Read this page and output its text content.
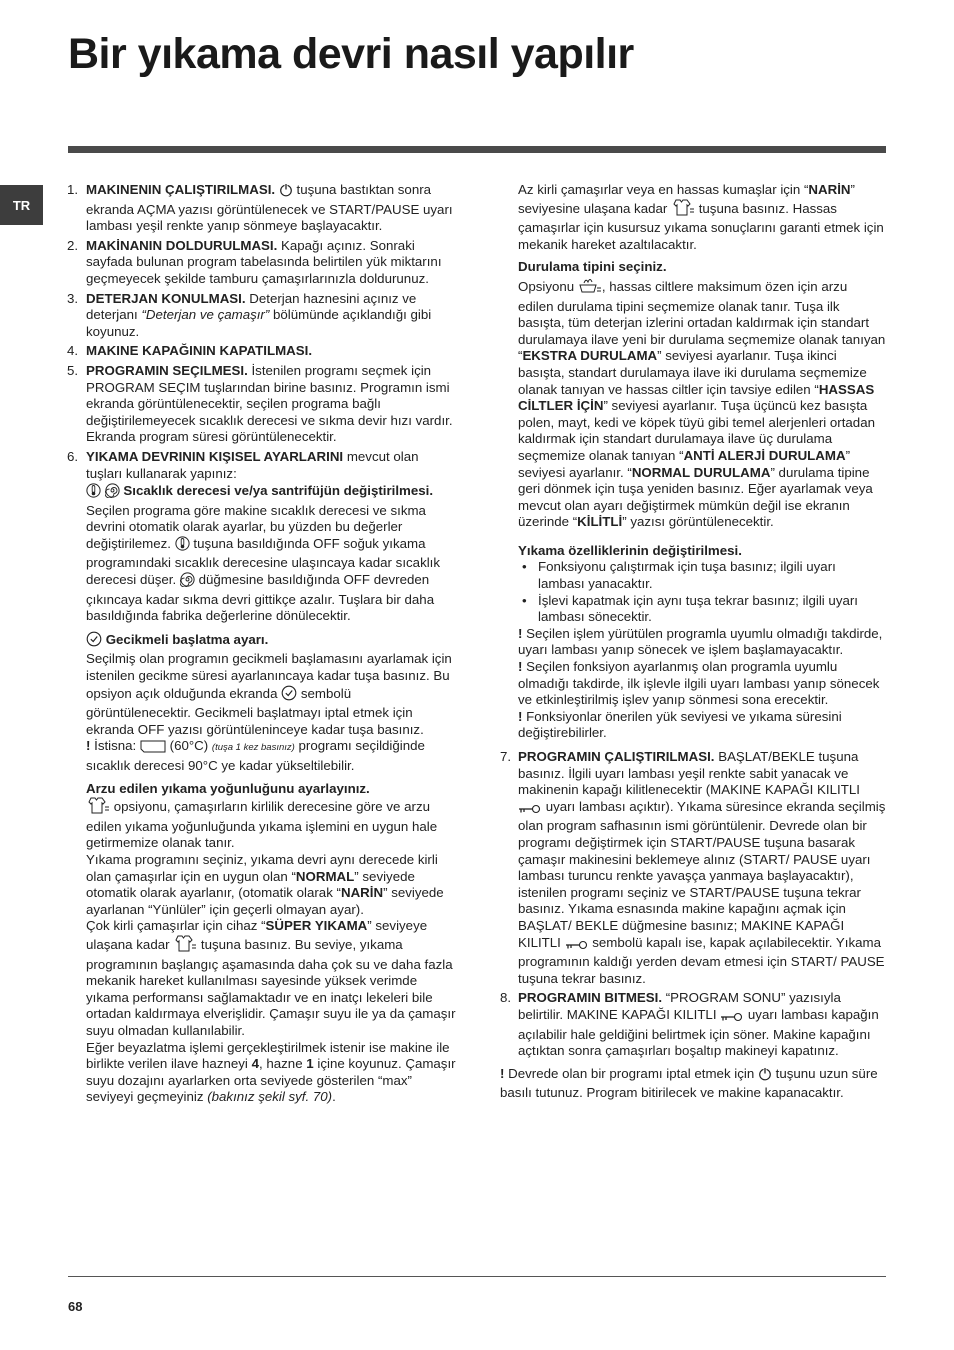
Bir yıkama devri nasıl yapılır
TR
1. MAKINENIN ÇALIŞTIRILMASI.  tuşuna bastıktan sonra ekranda AÇMA yazısı görüntülenecek ve START/PAUSE uyarı lambası yeşil renkte yanıp sönmeye başlayacaktır.
2. MAKİNANIN DOLDURULMASI. Kapağı açınız. Sonraki sayfada bulunan program tabelasında belirtilen yük miktarını geçmeyecek şekilde tamburu çamaşırlarınızla doldurunuz.
3. DETERJAN KONULMASI. Deterjan haznesini açınız ve deterjanı “Deterjan ve çamaşır” bölümünde açıklandığı gibi koyunuz.
4. MAKINE KAPAĞININ KAPATILMASI.
5. PROGRAMIN SEÇILMESI. İstenilen programı seçmek için PROGRAM SEÇIM tuşlarından birine basınız. Programın ismi ekranda görüntülenecektir, seçilen programa bağlı değiştirilemeyecek sıcaklık derecesi ve sıkma devir hızı vardır. Ekranda program süresi görüntülenecektir.
6. YIKAMA DEVRININ KIŞISEL AYARLARINI mevcut olan tuşları kullanarak yapınız:

Sıcaklık derecesi ve/ya santrifüjün değiştirilmesi. Seçilen programa göre makine sıcaklık derecesi ve sıkma devrini otomatik olarak ayarlar, bu yüzden bu değerler değiştirilemez.  tuşuna basıldığında OFF soğuk yıkama programındaki sıcaklık derecesine ulaşıncaya kadar sıcaklık derecesi düşer.  düğmesine basıldığında OFF devreden çıkıncaya kadar sıkma devri gittikçe azalır. Tuşlara bir daha basıldığında fabrika değerlerine dönülecektir.

Gecikmeli başlatma ayarı.
Seçilmiş olan programın gecikmeli başlamasını ayarlamak için istenilen gecikme süresi ayarlanıncaya kadar tuşa basınız. Bu opsiyon açık olduğunda ekranda  sembolü görüntülenecektir. Gecikmeli başlatmayı iptal etmek için ekranda OFF yazısı görüntüleninceye kadar tuşa basınız.
! İstisna:  (60°C) (tuşa 1 kez basınız) programı seçildiğinde sıcaklık derecesi 90°C ye kadar yükseltilebilir.

Arzu edilen yıkama yoğunluğunu ayarlayınız.
opsiyonu, çamaşırların kirlilik derecesine göre ve arzu edilen yıkama yoğunluğunda yıkama işlemini en uygun hale getirmemize olanak tanır.
Yıkama programını seçiniz, yıkama devri aynı derecede kirli olan çamaşırlar için en uygun olan “NORMAL” seviyede otomatik olarak ayarlanır, (otomatik olarak “NARİN” seviyede ayarlanan “Yünlüler” için geçerli olmayan ayar).
Çok kirli çamaşırlar için cihaz “SÜPER YIKAMA” seviyeye ulaşana kadar  tuşuna basınız. Bu seviye, yıkama programının başlangıç aşamasında daha çok su ve daha fazla mekanik hareket kullanılması sayesinde yüksek verimde yıkama performansı sağlamaktadır ve en inatçı lekeleri bile ortadan kaldırmaya elverişlidir. Çamaşır suyu ile ya da çamaşır suyu olmadan kullanılabilir.
Eğer beyazlatma işlemi gerçekleştirilmek istenir ise makine ile birlikte verilen ilave hazneyi 4, hazne 1 içine koyunuz. Çamaşır suyu dozajını ayarlarken orta seviyede gösterilen “max” seviyeyi geçmeyiniz (bakınız şekil syf. 70).

Az kirli çamaşırlar veya en hassas kumaşlar için “NARİN” seviyesine ulaşana kadar  tuşuna basınız. Hassas çamaşırlar için kusursuz yıkama sonuçlarını garanti etmek için mekanik hareket azaltılacaktır.

Durulama tipini seçiniz.
Opsiyonu , hassas ciltlere maksimum özen için arzu edilen durulama tipini seçmemize olanak tanır. Tuşa ilk basışta, tüm deterjan izlerini ortadan kaldırmak için standart durulamaya ilave yeni bir durulama seçmemize olanak tanıyan “EKSTRA DURULAMA” seviyesi ayarlanır. Tuşa ikinci basışta, standart durulamaya ilave iki durulama seçmemize olanak tanıyan ve hassas ciltler için tavsiye edilen “HASSAS CİLTLER İÇİN” seviyesi ayarlanır. Tuşa üçüncü kez basışta polen, mayt, kedi ve köpek tüyü gibi temel alerjenleri ortadan kaldırmak için standart durulamaya ilave üç durulama seçmemize olanak tanıyan “ANTİ ALERJİ DURULAMA” seviyesi ayarlanır. “NORMAL DURULAMA” durulama tipine geri dönmek için tuşa yeniden basınız. Eğer ayarlamak veya mevcut olan ayarı değiştirmek mümkün değil ise ekranın üzerinde “KİLİTLİ” yazısı görüntülenecektir.

Yıkama özelliklerinin değiştirilmesi.

• Fonksiyonu çalıştırmak için tuşa basınız; ilgili uyarı lambası yanacaktır.
• İşlevi kapatmak için aynı tuşa tekrar basınız; ilgili uyarı lambası sönecektir.

! Seçilen işlem yürütülen programla uyumlu olmadığı takdirde, uyarı lambası yanıp sönecek ve işlem başlamayacaktır.

! Seçilen fonksiyon ayarlanmış olan programla uyumlu olmadığı takdirde, ilk işlevle ilgili uyarı lambası yanıp sönecek ve etkinleştirilmiş işlev yanıp sönmesi sona erecektir.

! Fonksiyonlar önerilen yük seviyesi ve yıkama süresini değiştirebilirler.

7. PROGRAMIN ÇALIŞTIRILMASI. BAŞLAT/BEKLE tuşuna basınız. İlgili uyarı lambası yeşil renkte sabit yanacak ve makinenin kapağı kilitlenecektir (MAKINE KAPAĞI KILITLI  uyarı lambası açıktır). Yıkama süresince ekranda seçilmiş olan program safhasının ismi görüntülenir. Devrede olan bir programı değiştirmek için START/PAUSE tuşuna basarak çamaşır makinesini beklemeye alınız (START/ PAUSE uyarı lambası turuncu renkte yavaşça yanmaya başlayacaktır), istenilen programı seçiniz ve START/PAUSE tuşuna tekrar basınız. Yıkama esnasında makine kapağını açmak için BAŞLAT/ BEKLE düğmesine basınız; MAKINE KAPAĞI KILITLI  sembolü kapalı ise, kapak açılabilecektir. Yıkama programının kaldığı yerden devam etmesi için START/ PAUSE tuşuna tekrar basınız.
8. PROGRAMIN BITMESI. “PROGRAM SONU” yazısıyla belirtilir. MAKINE KAPAĞI KILITLI  uyarı lambası kapağın açılabilir hale geldiğini belirtmek için söner. Makine kapağını açtıktan sonra çamaşırları boşaltıp makineyi kapatınız.

! Devrede olan bir programı iptal etmek için  tuşunu uzun süre basılı tutunuz. Program bitirilecek ve makine kapanacaktır.

68
